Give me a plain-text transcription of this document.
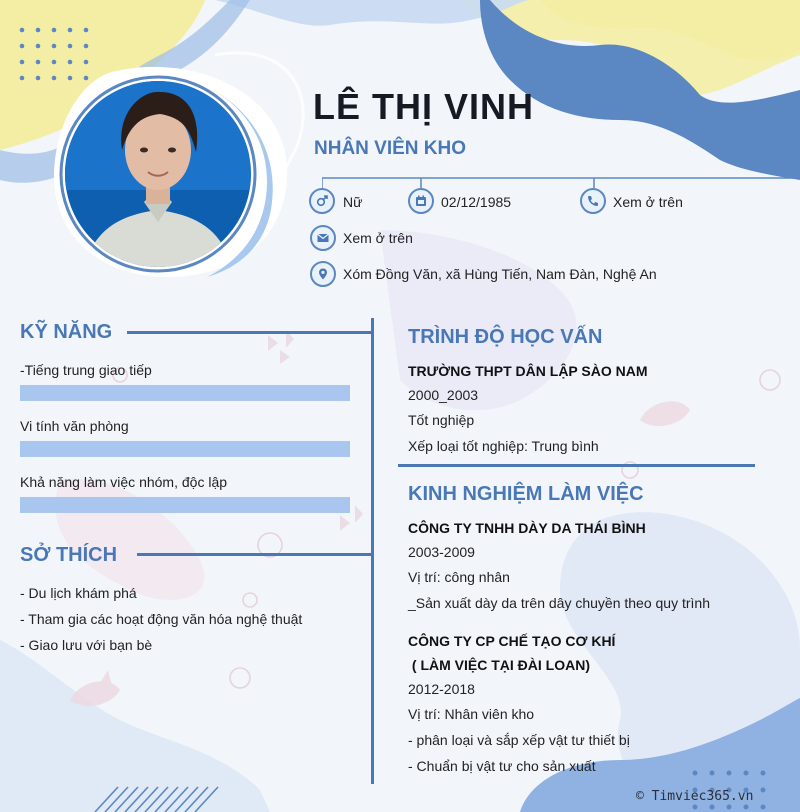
LÊ THỊ VINH
NHÂN VIÊN KHO
Nữ	02/12/1985	Xem ở trên
Xem ở trên
Xóm Đồng Văn, xã Hùng Tiến, Nam Đàn, Nghệ An
KỸ NĂNG
-Tiếng trung giao tiếp
Vi tính văn phòng
Khả năng làm việc nhóm, độc lập
SỞ THÍCH
- Du lịch khám phá
- Tham gia các hoạt động văn hóa nghệ thuật
- Giao lưu với bạn bè
TRÌNH ĐỘ HỌC VẤN
TRƯỜNG THPT DÂN LẬP SÀO NAM
2000_2003
Tốt nghiệp
Xếp loại tốt nghiệp: Trung bình
KINH NGHIỆM LÀM VIỆC
CÔNG TY TNHH DÀY DA THÁI BÌNH
2003-2009
Vị trí: công nhân
_Sản xuất dày da trên dây chuyền theo quy trình
CÔNG TY CP CHẾ TẠO CƠ KHÍ
( LÀM VIỆC TẠI ĐÀI LOAN)
2012-2018
Vị trí: Nhân viên kho
- phân loại và sắp xếp vật tư thiết bị
- Chuẩn bị vật tư cho sản xuất
© Timviec365.vn
